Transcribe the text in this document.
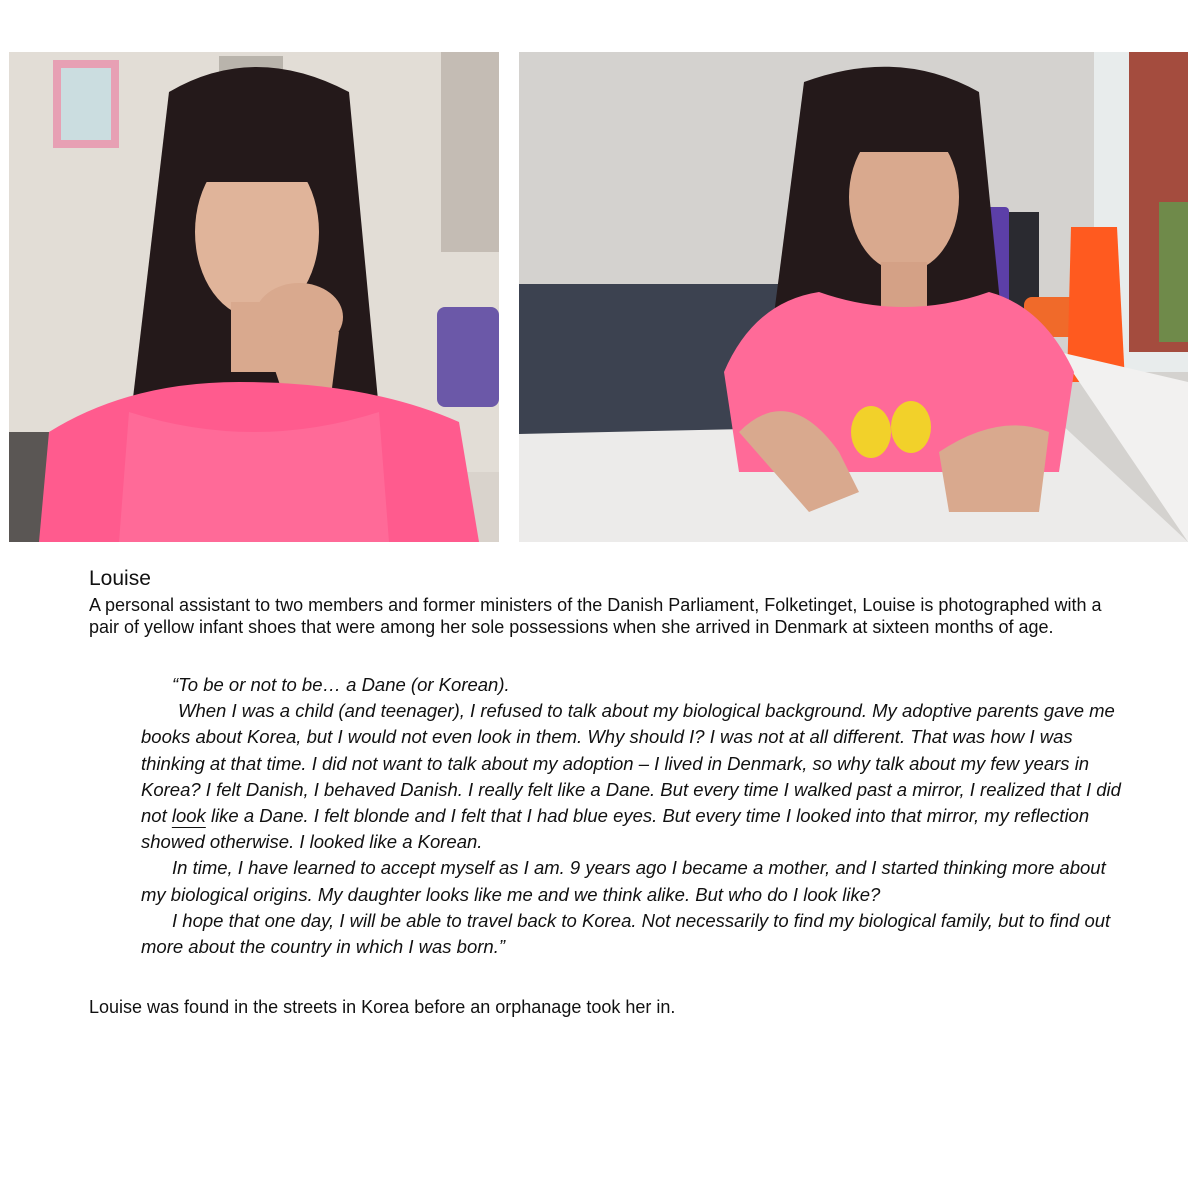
Louise

A personal assistant to two members and former ministers of the Danish Parliament, Folketinget, Louise is photographed with a pair of yellow infant shoes that were among her sole possessions when she arrived in Denmark at sixteen months of age.

“To be or not to be… a Dane (or Korean).

When I was a child (and teenager), I refused to talk about my biological background. My adoptive parents gave me books about Korea, but I would not even look in them. Why should I? I was not at all different. That was how I was thinking at that time. I did not want to talk about my adoption – I lived in Denmark, so why talk about my few years in Korea? I felt Danish, I behaved Danish. I really felt like a Dane. But every time I walked past a mirror, I realized that I did not look like a Dane. I felt blonde and I felt that I had blue eyes. But every time I looked into that mirror, my reflection showed otherwise. I looked like a Korean.

In time, I have learned to accept myself as I am. 9 years ago I became a mother, and I started thinking more about my biological origins. My daughter looks like me and we think alike. But who do I look like?

I hope that one day, I will be able to travel back to Korea. Not necessarily to find my biological family, but to find out more about the country in which I was born.”

Louise was found in the streets in Korea before an orphanage took her in.
